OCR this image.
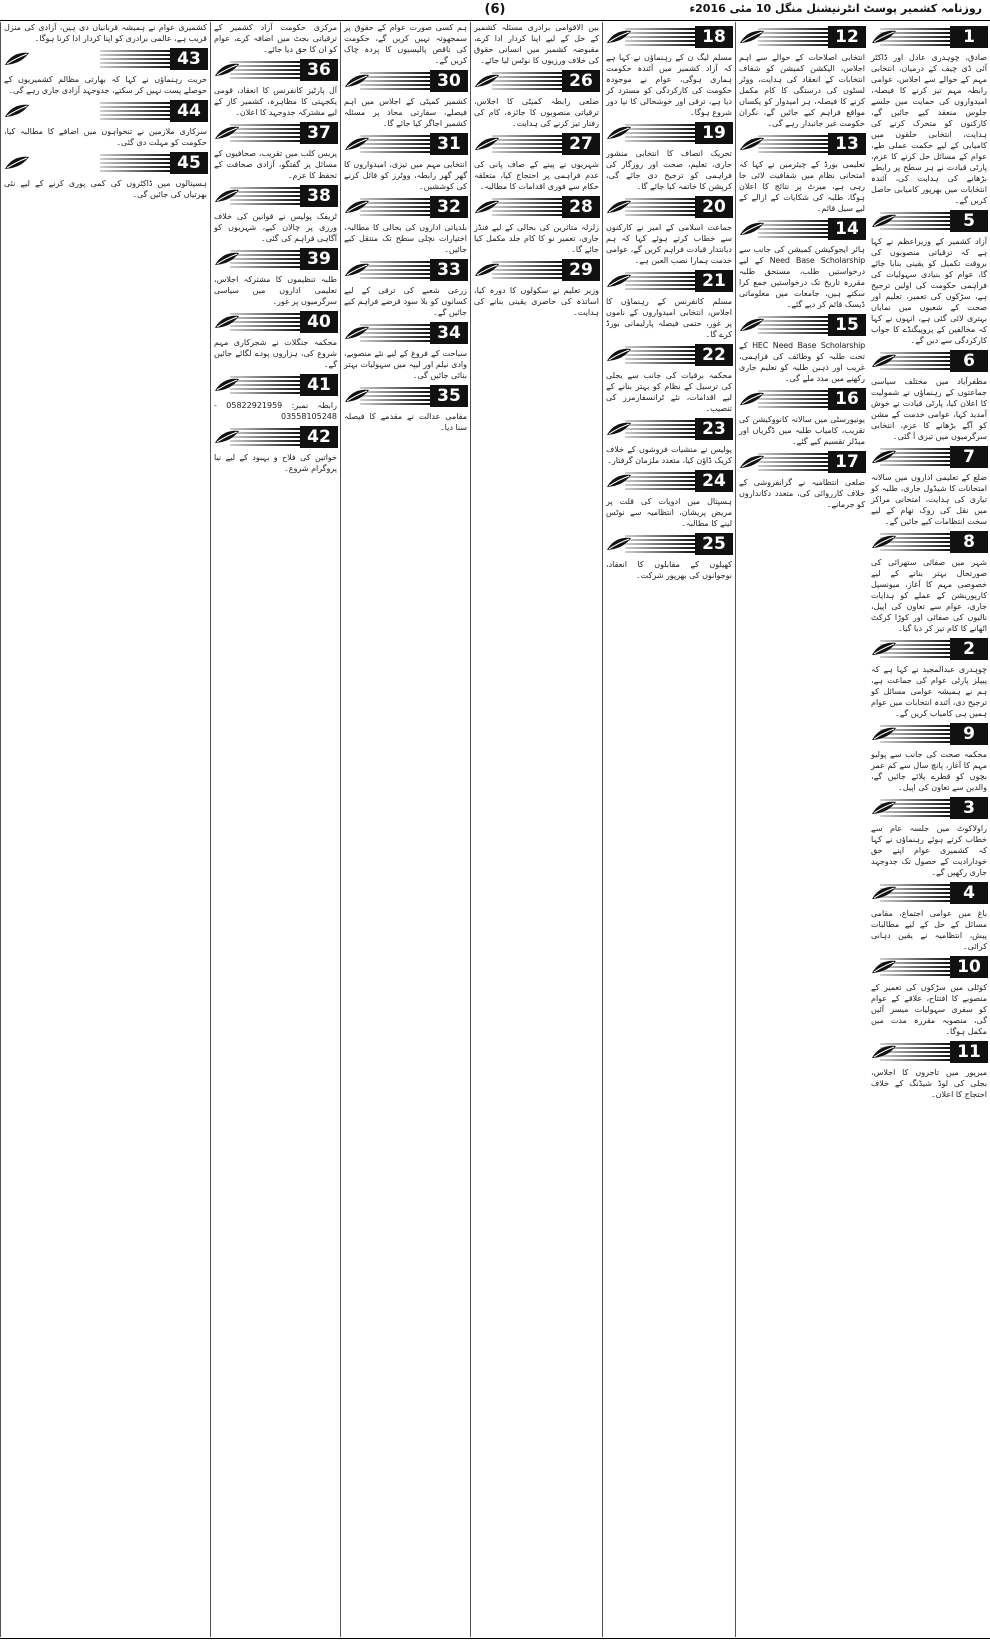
(6)	روزنامہ کشمیر پوسٹ انٹرنیشنل منگل 10 مئی 2016ء
1
صادق، چوہدری عادل اور ڈاکٹر آئی ڈی چیف کے درمیان، انتخابی مہم کے حوالے سے اجلاس، عوامی رابطہ مہم تیز کرنے کا فیصلہ، امیدواروں کی حمایت میں جلسے جلوس منعقد کیے جائیں گے، کارکنوں کو متحرک کرنے کی ہدایت، انتخابی حلقوں میں کامیابی کے لیے حکمت عملی طے، عوام کے مسائل حل کرنے کا عزم، پارٹی قیادت نے ہر سطح پر رابطے بڑھانے کی ہدایت کی، آئندہ انتخابات میں بھرپور کامیابی حاصل کریں گے۔
5
آزاد کشمیر کے وزیراعظم نے کہا ہے کہ ترقیاتی منصوبوں کی بروقت تکمیل کو یقینی بنایا جائے گا، عوام کو بنیادی سہولیات کی فراہمی حکومت کی اولین ترجیح ہے، سڑکوں کی تعمیر، تعلیم اور صحت کے شعبوں میں نمایاں بہتری لائی گئی ہے، انہوں نے کہا کہ مخالفین کے پروپیگنڈے کا جواب کارکردگی سے دیں گے۔
6
مظفرآباد میں مختلف سیاسی جماعتوں کے رہنماؤں نے شمولیت کا اعلان کیا، پارٹی قیادت نے خوش آمدید کہا، عوامی خدمت کے مشن کو آگے بڑھانے کا عزم، انتخابی سرگرمیوں میں تیزی آ گئی۔
7
ضلع کے تعلیمی اداروں میں سالانہ امتحانات کا شیڈول جاری، طلبہ کو تیاری کی ہدایت، امتحانی مراکز میں نقل کی روک تھام کے لیے سخت انتظامات کیے جائیں گے۔
8
شہر میں صفائی ستھرائی کی صورتحال بہتر بنانے کے لیے خصوصی مہم کا آغاز، میونسپل کارپوریشن کے عملے کو ہدایات جاری، عوام سے تعاون کی اپیل، نالیوں کی صفائی اور کوڑا کرکٹ اٹھانے کا کام تیز کر دیا گیا۔
2
چوہدری عبدالمجید نے کہا ہے کہ پیپلز پارٹی عوام کی جماعت ہے، ہم نے ہمیشہ عوامی مسائل کو ترجیح دی، آئندہ انتخابات میں عوام ہمیں ہی کامیاب کریں گے۔
9
محکمہ صحت کی جانب سے پولیو مہم کا آغاز، پانچ سال سے کم عمر بچوں کو قطرے پلائے جائیں گے، والدین سے تعاون کی اپیل۔
3
راولاکوٹ میں جلسہ عام سے خطاب کرتے ہوئے رہنماؤں نے کہا کہ کشمیری عوام اپنے حق خودارادیت کے حصول تک جدوجہد جاری رکھیں گے۔
4
باغ میں عوامی اجتماع، مقامی مسائل کے حل کے لیے مطالبات پیش، انتظامیہ نے یقین دہانی کرائی۔
10
کوٹلی میں سڑکوں کی تعمیر کے منصوبے کا افتتاح، علاقے کے عوام کو سفری سہولیات میسر آئیں گی، منصوبہ مقررہ مدت میں مکمل ہوگا۔
11
میرپور میں تاجروں کا اجلاس، بجلی کی لوڈ شیڈنگ کے خلاف احتجاج کا اعلان۔
12
انتخابی اصلاحات کے حوالے سے اہم اجلاس، الیکشن کمیشن کو شفاف انتخابات کے انعقاد کی ہدایت، ووٹر لسٹوں کی درستگی کا کام مکمل کرنے کا فیصلہ، ہر امیدوار کو یکساں مواقع فراہم کیے جائیں گے، نگران حکومت غیر جانبدار رہے گی۔
13
تعلیمی بورڈ کے چیئرمین نے کہا کہ امتحانی نظام میں شفافیت لائی جا رہی ہے، میرٹ پر نتائج کا اعلان ہوگا، طلبہ کی شکایات کے ازالے کے لیے سیل قائم۔
14
ہائر ایجوکیشن کمیشن کی جانب سے Need Base Scholarship کے لیے درخواستیں طلب، مستحق طلبہ مقررہ تاریخ تک درخواستیں جمع کرا سکتے ہیں، جامعات میں معلوماتی ڈیسک قائم کر دیے گئے۔
15
HEC Need Base Scholarship کے تحت طلبہ کو وظائف کی فراہمی، غریب اور ذہین طلبہ کو تعلیم جاری رکھنے میں مدد ملے گی۔
16
یونیورسٹی میں سالانہ کانووکیشن کی تقریب، کامیاب طلبہ میں ڈگریاں اور میڈلز تقسیم کیے گئے۔
17
ضلعی انتظامیہ نے گرانفروشی کے خلاف کارروائی کی، متعدد دکانداروں کو جرمانے۔
18
مسلم لیگ ن کے رہنماؤں نے کہا ہے کہ آزاد کشمیر میں آئندہ حکومت ہماری ہوگی، عوام نے موجودہ حکومت کی کارکردگی کو مسترد کر دیا ہے، ترقی اور خوشحالی کا نیا دور شروع ہوگا۔
19
تحریک انصاف کا انتخابی منشور جاری، تعلیم، صحت اور روزگار کی فراہمی کو ترجیح دی جائے گی، کرپشن کا خاتمہ کیا جائے گا۔
20
جماعت اسلامی کے امیر نے کارکنوں سے خطاب کرتے ہوئے کہا کہ ہم دیانتدار قیادت فراہم کریں گے، عوامی خدمت ہمارا نصب العین ہے۔
21
مسلم کانفرنس کے رہنماؤں کا اجلاس، انتخابی امیدواروں کے ناموں پر غور، حتمی فیصلہ پارلیمانی بورڈ کرے گا۔
22
محکمہ برقیات کی جانب سے بجلی کی ترسیل کے نظام کو بہتر بنانے کے لیے اقدامات، نئے ٹرانسفارمرز کی تنصیب۔
23
پولیس نے منشیات فروشوں کے خلاف کریک ڈاؤن کیا، متعدد ملزمان گرفتار۔
24
ہسپتال میں ادویات کی قلت پر مریض پریشان، انتظامیہ سے نوٹس لینے کا مطالبہ۔
25
کھیلوں کے مقابلوں کا انعقاد، نوجوانوں کی بھرپور شرکت۔
بین الاقوامی برادری مسئلہ کشمیر کے حل کے لیے اپنا کردار ادا کرے، مقبوضہ کشمیر میں انسانی حقوق کی خلاف ورزیوں کا نوٹس لیا جائے۔
26
ضلعی رابطہ کمیٹی کا اجلاس، ترقیاتی منصوبوں کا جائزہ، کام کی رفتار تیز کرنے کی ہدایت۔
27
شہریوں نے پینے کے صاف پانی کی عدم فراہمی پر احتجاج کیا، متعلقہ حکام سے فوری اقدامات کا مطالبہ۔
28
زلزلہ متاثرین کی بحالی کے لیے فنڈز جاری، تعمیر نو کا کام جلد مکمل کیا جائے گا۔
29
وزیر تعلیم نے سکولوں کا دورہ کیا، اساتذہ کی حاضری یقینی بنانے کی ہدایت۔
ہم کسی صورت عوام کے حقوق پر سمجھوتہ نہیں کریں گے، حکومت کی ناقص پالیسیوں کا پردہ چاک کریں گے۔
30
کشمیر کمیٹی کے اجلاس میں اہم فیصلے، سفارتی محاذ پر مسئلہ کشمیر اجاگر کیا جائے گا۔
31
انتخابی مہم میں تیزی، امیدواروں کا گھر گھر رابطہ، ووٹرز کو قائل کرنے کی کوششیں۔
32
بلدیاتی اداروں کی بحالی کا مطالبہ، اختیارات نچلی سطح تک منتقل کیے جائیں۔
33
زرعی شعبے کی ترقی کے لیے کسانوں کو بلا سود قرضے فراہم کیے جائیں گے۔
34
سیاحت کے فروغ کے لیے نئے منصوبے، وادی نیلم اور لیپہ میں سہولیات بہتر بنائی جائیں گی۔
35
مقامی عدالت نے مقدمے کا فیصلہ سنا دیا۔
مرکزی حکومت آزاد کشمیر کے ترقیاتی بجٹ میں اضافہ کرے، عوام کو ان کا حق دیا جائے۔
36
آل پارٹیز کانفرنس کا انعقاد، قومی یکجہتی کا مظاہرہ، کشمیر کاز کے لیے مشترکہ جدوجہد کا اعلان۔
37
پریس کلب میں تقریب، صحافیوں کے مسائل پر گفتگو، آزادی صحافت کے تحفظ کا عزم۔
38
ٹریفک پولیس نے قوانین کی خلاف ورزی پر چالان کیے، شہریوں کو آگاہی فراہم کی گئی۔
39
طلبہ تنظیموں کا مشترکہ اجلاس، تعلیمی اداروں میں سیاسی سرگرمیوں پر غور۔
40
محکمہ جنگلات نے شجرکاری مہم شروع کی، ہزاروں پودے لگائے جائیں گے۔
41
رابطہ نمبر: 05822921959 - 03558105248
42
خواتین کی فلاح و بہبود کے لیے نیا پروگرام شروع۔
کشمیری عوام نے ہمیشہ قربانیاں دی ہیں، آزادی کی منزل قریب ہے، عالمی برادری کو اپنا کردار ادا کرنا ہوگا۔
43
حریت رہنماؤں نے کہا کہ بھارتی مظالم کشمیریوں کے حوصلے پست نہیں کر سکتے، جدوجہد آزادی جاری رہے گی۔
44
سرکاری ملازمین نے تنخواہوں میں اضافے کا مطالبہ کیا، حکومت کو مہلت دی گئی۔
45
ہسپتالوں میں ڈاکٹروں کی کمی پوری کرنے کے لیے نئی بھرتیاں کی جائیں گی۔
